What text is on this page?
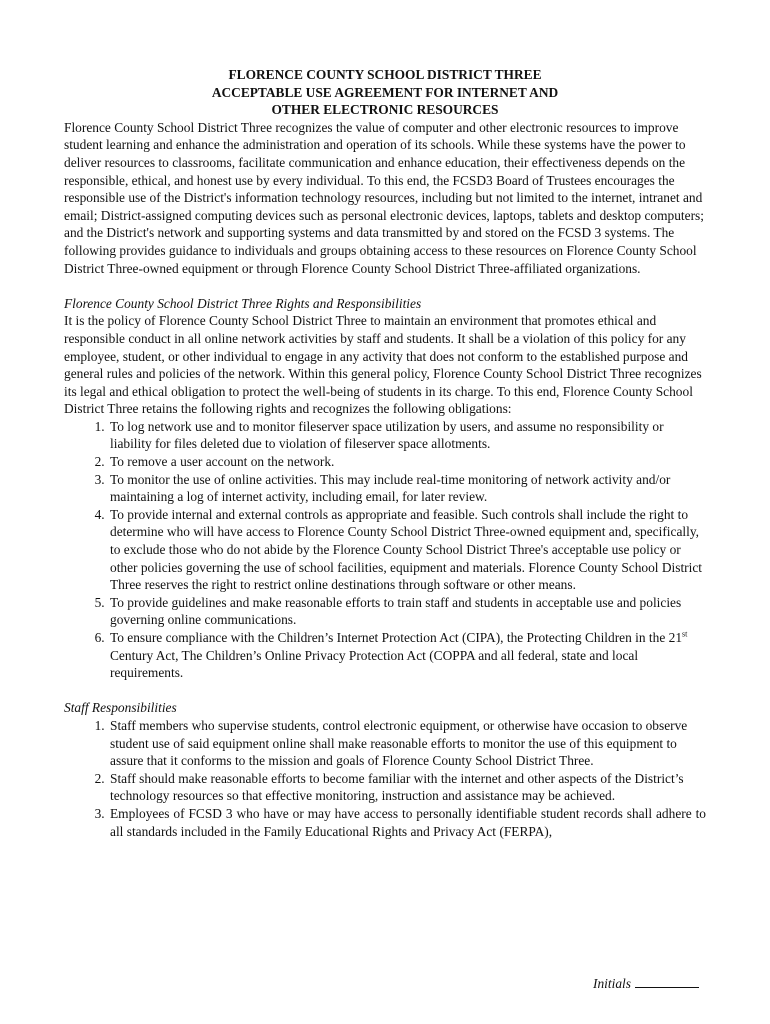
FLORENCE COUNTY SCHOOL DISTRICT THREE
ACCEPTABLE USE AGREEMENT FOR INTERNET AND
OTHER ELECTRONIC RESOURCES

Florence County School District Three recognizes the value of computer and other electronic resources to improve student learning and enhance the administration and operation of its schools. While these systems have the power to deliver resources to classrooms, facilitate communication and enhance education, their effectiveness depends on the responsible, ethical, and honest use by every individual. To this end, the FCSD3 Board of Trustees encourages the responsible use of the District's information technology resources, including but not limited to the internet, intranet and email; District-assigned computing devices such as personal electronic devices, laptops, tablets and desktop computers; and the District's network and supporting systems and data transmitted by and stored on the FCSD 3 systems. The following provides guidance to individuals and groups obtaining access to these resources on Florence County School District Three-owned equipment or through Florence County School District Three-affiliated organizations.

Florence County School District Three Rights and Responsibilities

It is the policy of Florence County School District Three to maintain an environment that promotes ethical and responsible conduct in all online network activities by staff and students. It shall be a violation of this policy for any employee, student, or other individual to engage in any activity that does not conform to the established purpose and general rules and policies of the network. Within this general policy, Florence County School District Three recognizes its legal and ethical obligation to protect the well-being of students in its charge. To this end, Florence County School District Three retains the following rights and recognizes the following obligations:

1. To log network use and to monitor fileserver space utilization by users, and assume no responsibility or liability for files deleted due to violation of fileserver space allotments.
2. To remove a user account on the network.
3. To monitor the use of online activities. This may include real-time monitoring of network activity and/or maintaining a log of internet activity, including email, for later review.
4. To provide internal and external controls as appropriate and feasible. Such controls shall include the right to determine who will have access to Florence County School District Three-owned equipment and, specifically, to exclude those who do not abide by the Florence County School District Three's acceptable use policy or other policies governing the use of school facilities, equipment and materials. Florence County School District Three reserves the right to restrict online destinations through software or other means.
5. To provide guidelines and make reasonable efforts to train staff and students in acceptable use and policies governing online communications.
6. To ensure compliance with the Children’s Internet Protection Act (CIPA), the Protecting Children in the 21st Century Act, The Children’s Online Privacy Protection Act (COPPA and all federal, state and local requirements.

Staff Responsibilities

1. Staff members who supervise students, control electronic equipment, or otherwise have occasion to observe student use of said equipment online shall make reasonable efforts to monitor the use of this equipment to assure that it conforms to the mission and goals of Florence County School District Three.
2. Staff should make reasonable efforts to become familiar with the internet and other aspects of the District’s technology resources so that effective monitoring, instruction and assistance may be achieved.
3. Employees of FCSD 3 who have or may have access to personally identifiable student records shall adhere to all standards included in the Family Educational Rights and Privacy Act (FERPA),
Initials
